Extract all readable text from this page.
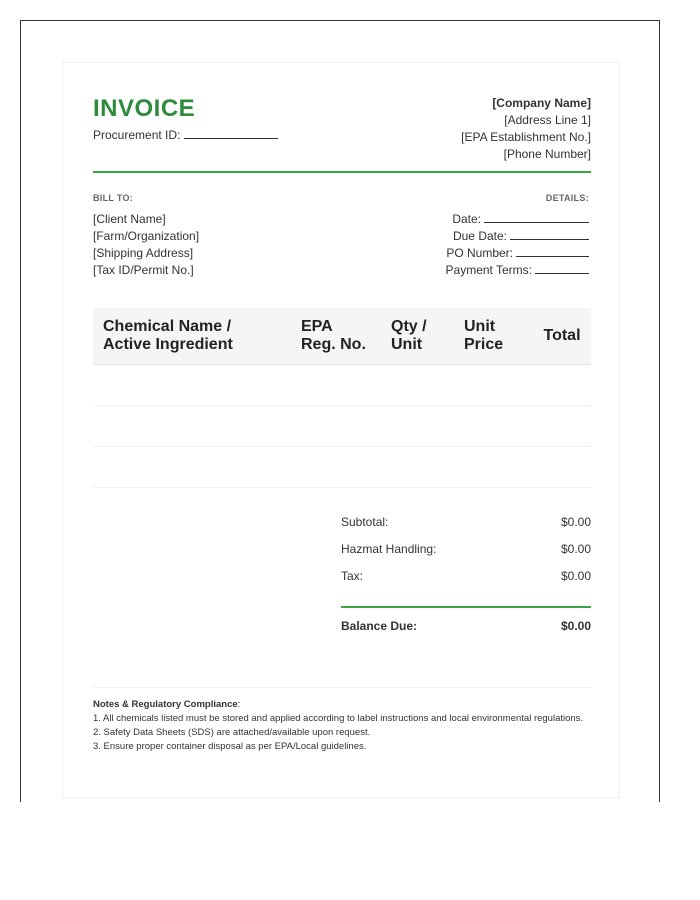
INVOICE
Procurement ID:
[Company Name]
[Address Line 1]
[EPA Establishment No.]
[Phone Number]
BILL TO:	DETAILS:
[Client Name]
[Farm/Organization]
[Shipping Address]
[Tax ID/Permit No.]
Date:
Due Date:
PO Number:
Payment Terms:
Chemical Name / Active Ingredient	EPA Reg. No.	Qty / Unit	Unit Price	Total

Subtotal:	$0.00
Hazmat Handling:	$0.00
Tax:	$0.00
Balance Due:	$0.00
Notes & Regulatory Compliance:
1. All chemicals listed must be stored and applied according to label instructions and local environmental regulations.
2. Safety Data Sheets (SDS) are attached/available upon request.
3. Ensure proper container disposal as per EPA/Local guidelines.
